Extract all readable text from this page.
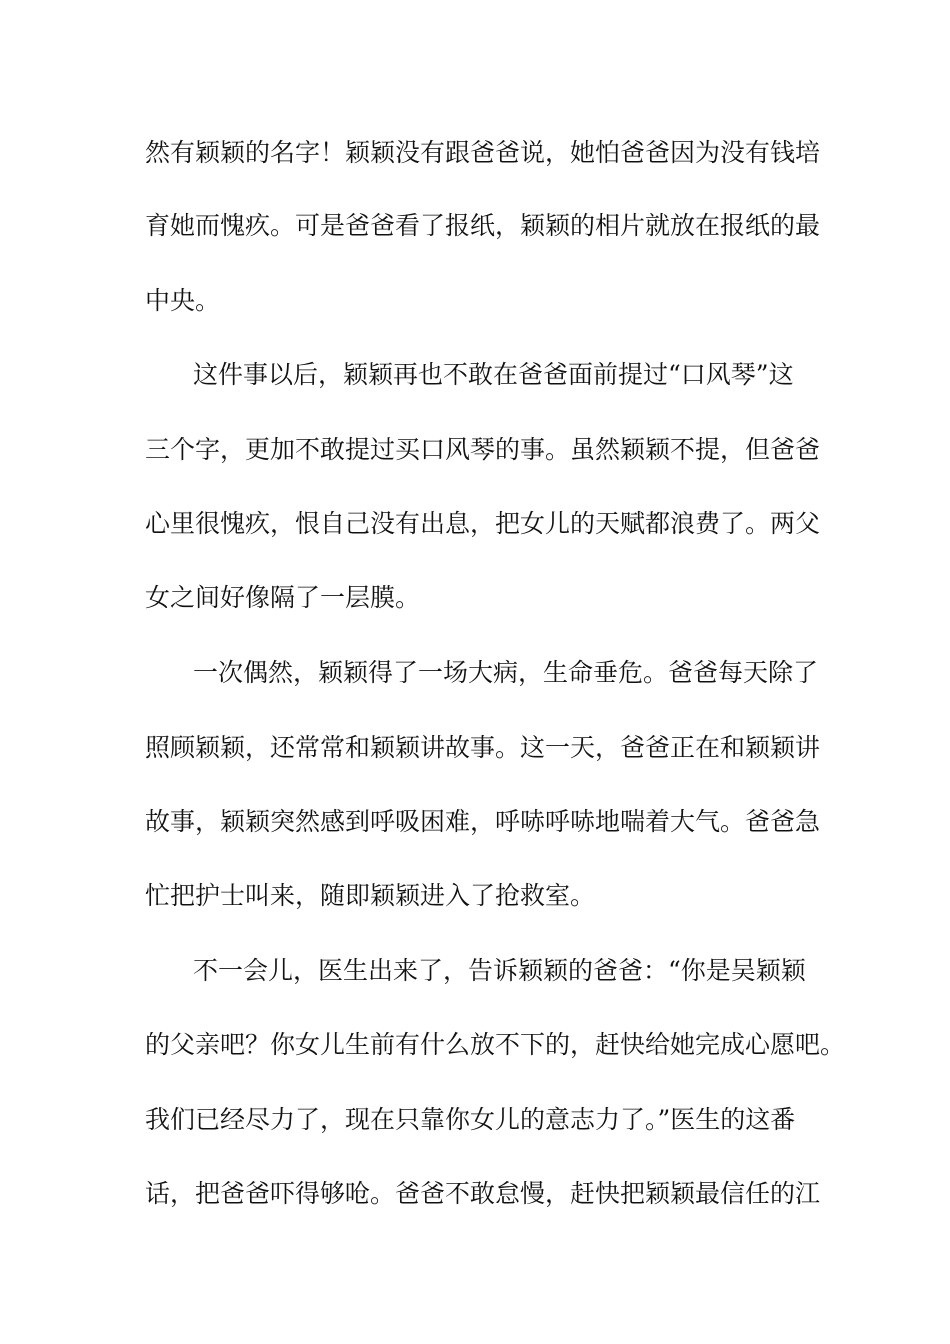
然有颖颖的名字！颖颖没有跟爸爸说，她怕爸爸因为没有钱培

育她而愧疚。可是爸爸看了报纸，颖颖的相片就放在报纸的最

中央。

这件事以后，颖颖再也不敢在爸爸面前提过“口风琴”这

三个字，更加不敢提过买口风琴的事。虽然颖颖不提，但爸爸

心里很愧疚，恨自己没有出息，把女儿的天赋都浪费了。两父

女之间好像隔了一层膜。

一次偶然，颖颖得了一场大病，生命垂危。爸爸每天除了

照顾颖颖，还常常和颖颖讲故事。这一天，爸爸正在和颖颖讲

故事，颖颖突然感到呼吸困难，呼哧呼哧地喘着大气。爸爸急

忙把护士叫来，随即颖颖进入了抢救室。

不一会儿，医生出来了，告诉颖颖的爸爸：“你是吴颖颖

的父亲吧？你女儿生前有什么放不下的，赶快给她完成心愿吧。

我们已经尽力了，现在只靠你女儿的意志力了。”医生的这番

话，把爸爸吓得够呛。爸爸不敢怠慢，赶快把颖颖最信任的江
